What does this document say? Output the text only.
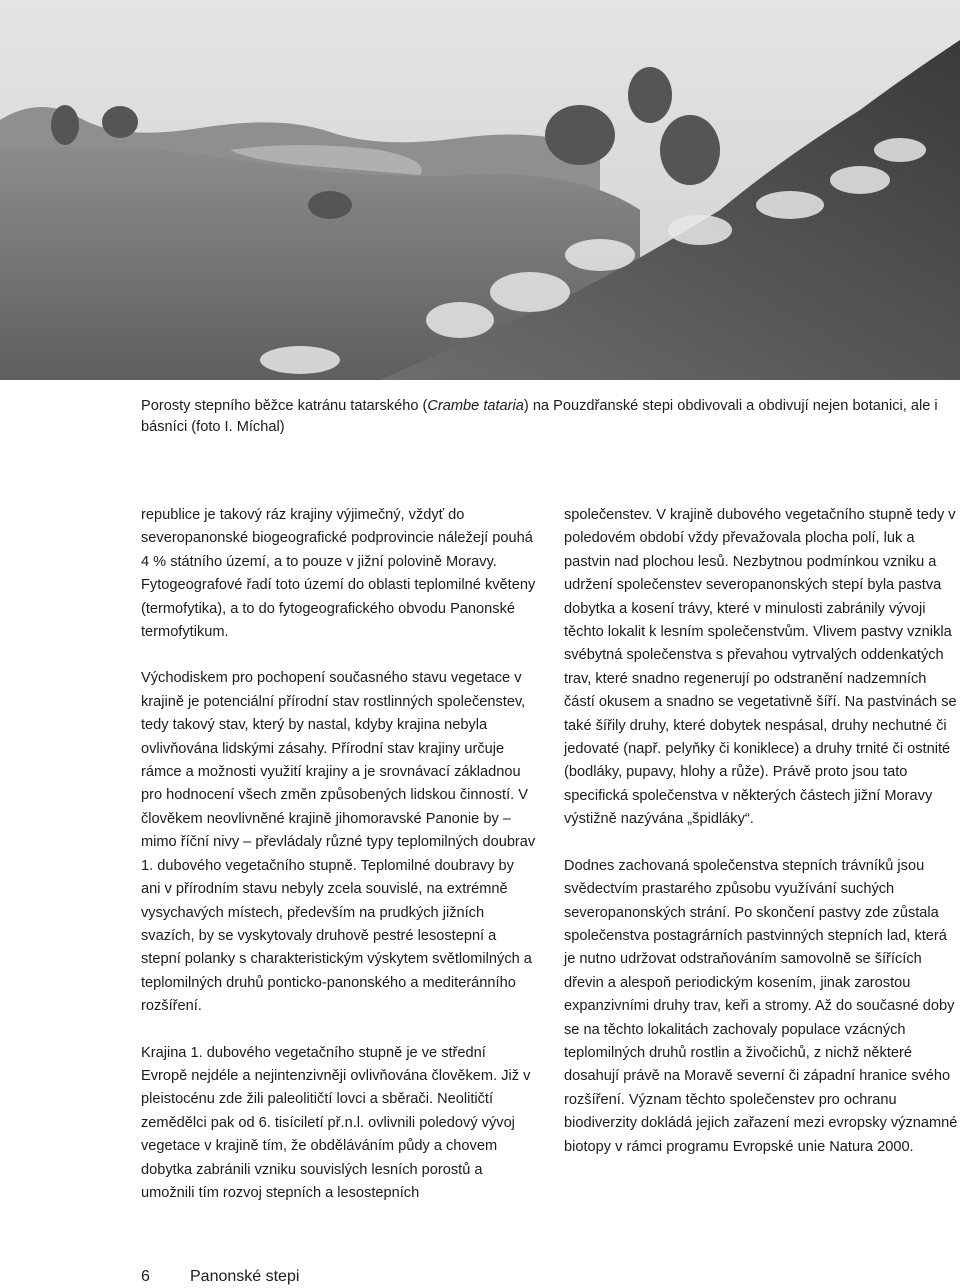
Porosty stepního běžce katránu tatarského (Crambe tataria) na Pouzdřanské stepi obdivovali a obdivují nejen botanici, ale i básníci (foto I. Míchal)

republice je takový ráz krajiny výjimečný, vždyť do severopanonské biogeografické podprovincie náležejí pouhá 4 % státního území, a to pouze v jižní polovině Moravy. Fytogeografové řadí toto území do oblasti teplomilné květeny (termofytika), a to do fytogeografického obvodu Panonské termofytikum.

Východiskem pro pochopení současného stavu vegetace v krajině je potenciální přírodní stav rostlinných společenstev, tedy takový stav, který by nastal, kdyby krajina nebyla ovlivňována lidskými zásahy. Přírodní stav krajiny určuje rámce a možnosti využití krajiny a je srovnávací základnou pro hodnocení všech změn způsobených lidskou činností. V člověkem neovlivněné krajině jihomoravské Panonie by – mimo říční nivy – převládaly různé typy teplomilných doubrav 1. dubového vegetačního stupně. Teplomilné doubravy by ani v přírodním stavu nebyly zcela souvislé, na extrémně vysychavých místech, především na prudkých jižních svazích, by se vyskytovaly druhově pestré lesostepní a stepní polanky s charakteristickým výskytem světlomilných a teplomilných druhů ponticko-panonského a mediteránního rozšíření.

Krajina 1. dubového vegetačního stupně je ve střední Evropě nejdéle a nejintenzivněji ovlivňována člověkem. Již v pleistocénu zde žili paleolitičtí lovci a sběrači. Neolitičtí zemědělci pak od 6. tisíciletí př.n.l. ovlivnili poledový vývoj vegetace v krajině tím, že obděláváním půdy a chovem dobytka zabránili vzniku souvislých lesních porostů a umožnili tím rozvoj stepních a lesostepních

společenstev. V krajině dubového vegetačního stupně tedy v poledovém období vždy převažovala plocha polí, luk a pastvin nad plochou lesů. Nezbytnou podmínkou vzniku a udržení společenstev severopanonských stepí byla pastva dobytka a kosení trávy, které v minulosti zabránily vývoji těchto lokalit k lesním společenstvům. Vlivem pastvy vznikla svébytná společenstva s převahou vytrvalých oddenkatých trav, které snadno regenerují po odstranění nadzemních částí okusem a snadno se vegetativně šíří. Na pastvinách se také šířily druhy, které dobytek nespásal, druhy nechutné či jedovaté (např. pelyňky či koniklece) a druhy trnité či ostnité (bodláky, pupavy, hlohy a růže). Právě proto jsou tato specifická společenstva v některých částech jižní Moravy výstižně nazývána „špidláky“.

Dodnes zachovaná společenstva stepních trávníků jsou svědectvím prastarého způsobu využívání suchých severopanonských strání. Po skončení pastvy zde zůstala společenstva postagrárních pastvinných stepních lad, která je nutno udržovat odstraňováním samovolně se šířících dřevin a alespoň periodickým kosením, jinak zarostou expanzivními druhy trav, keři a stromy. Až do současné doby se na těchto lokalitách zachovaly populace vzácných teplomilných druhů rostlin a živočichů, z nichž některé dosahují právě na Moravě severní či západní hranice svého rozšíření. Význam těchto společenstev pro ochranu biodiverzity dokládá jejich zařazení mezi evropsky významné biotopy v rámci programu Evropské unie Natura 2000.

6	Panonské stepi
